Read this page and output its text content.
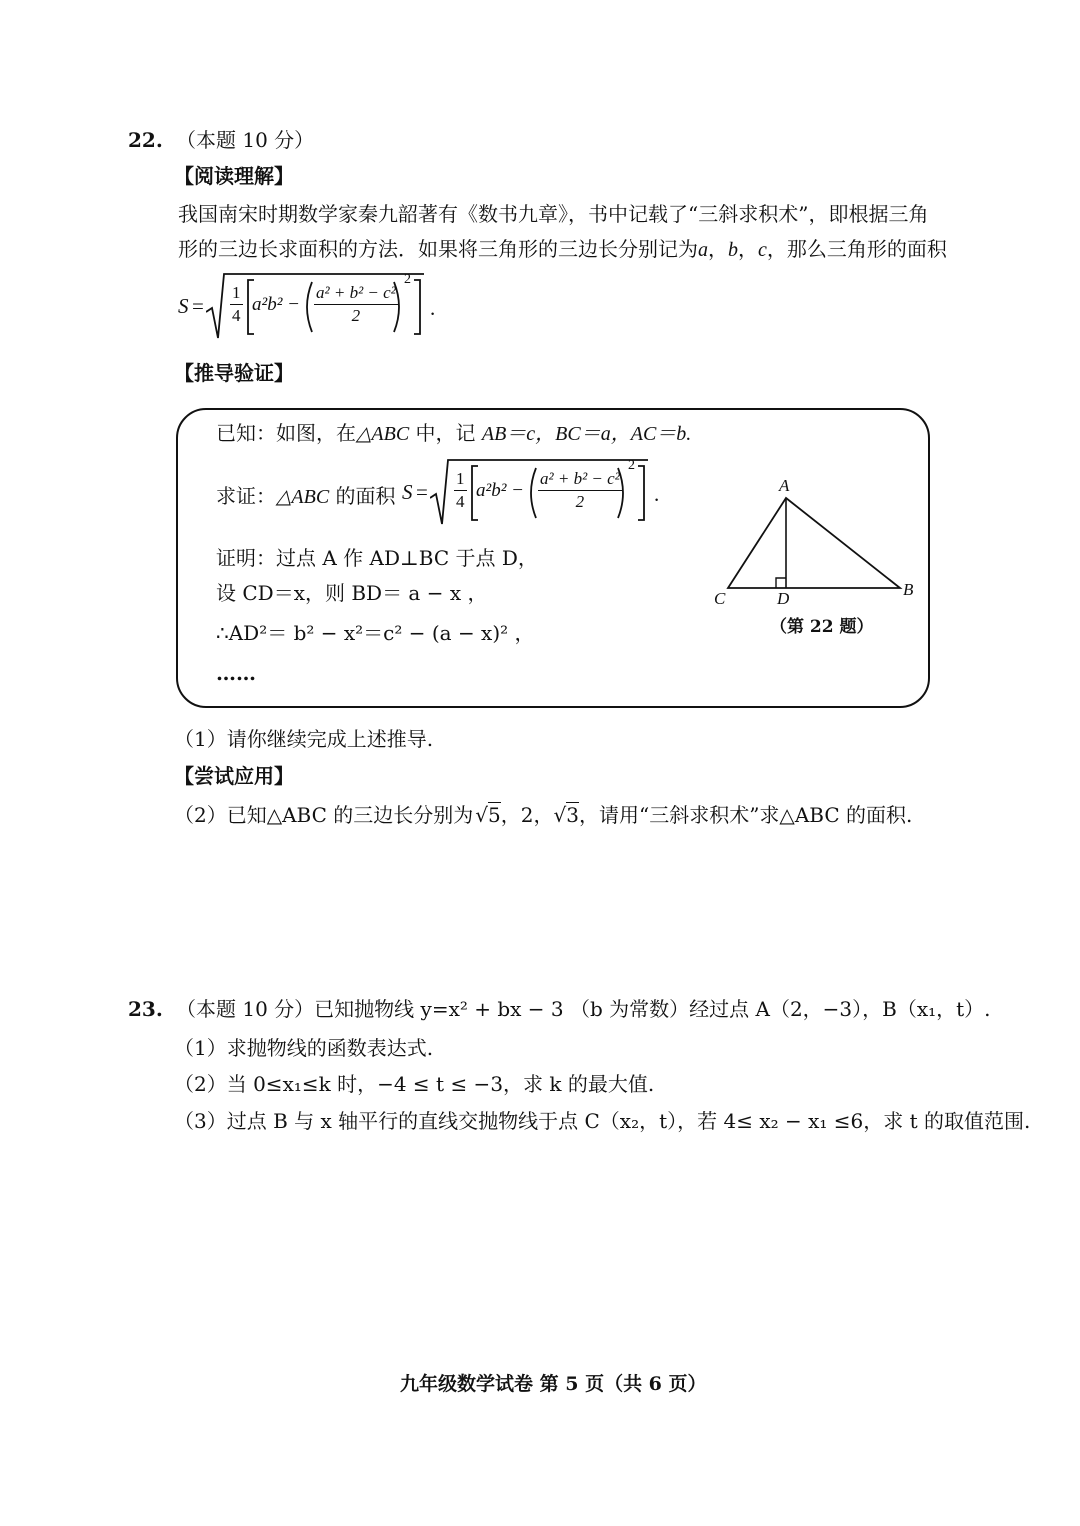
22. （本题 10 分）
【阅读理解】
我国南宋时期数学家秦九韶著有《数书九章》，书中记载了“三斜求积术”，即根据三角
形的三边长求面积的方法．如果将三角形的三边长分别记为a，b，c，那么三角形的面积
$S = \frac{1}{4} a^2b^2 - \frac{\text{a² + b² − c²}}{2}$
2
.
【推导验证】
已知：如图，在△ABC 中，记 AB＝c，BC＝a，AC＝b.
求证：△ABC 的面积 $S = \frac{1}{4} a^2b^2 - \frac{\text{a² + b² − c²}}{2}$
2
.
证明：过点 A 作 AD⊥BC 于点 D，
设 CD＝x，则 BD＝ a − x ，
∴AD²＝ b² − x²＝c² − (a − x)² ，
……
A
B
C	D
（第 22 题）
（1）请你继续完成上述推导.
【尝试应用】
（2）已知△ABC 的三边长分别为 √5，2，√3，请用“三斜求积术”求△ABC 的面积.
23. （本题 10 分）已知抛物线 y=x² + bx − 3 （b 为常数）经过点 A（2，−3），B（x₁，t）.
（1）求抛物线的函数表达式.
（2）当 0≤x₁≤k 时，−4 ≤ t ≤ −3，求 k 的最大值.
（3）过点 B 与 x 轴平行的直线交抛物线于点 C（x₂，t），若 4≤ x₂ − x₁ ≤6，求 t 的取值范围.
九年级数学试卷 第 5 页（共 6 页）
